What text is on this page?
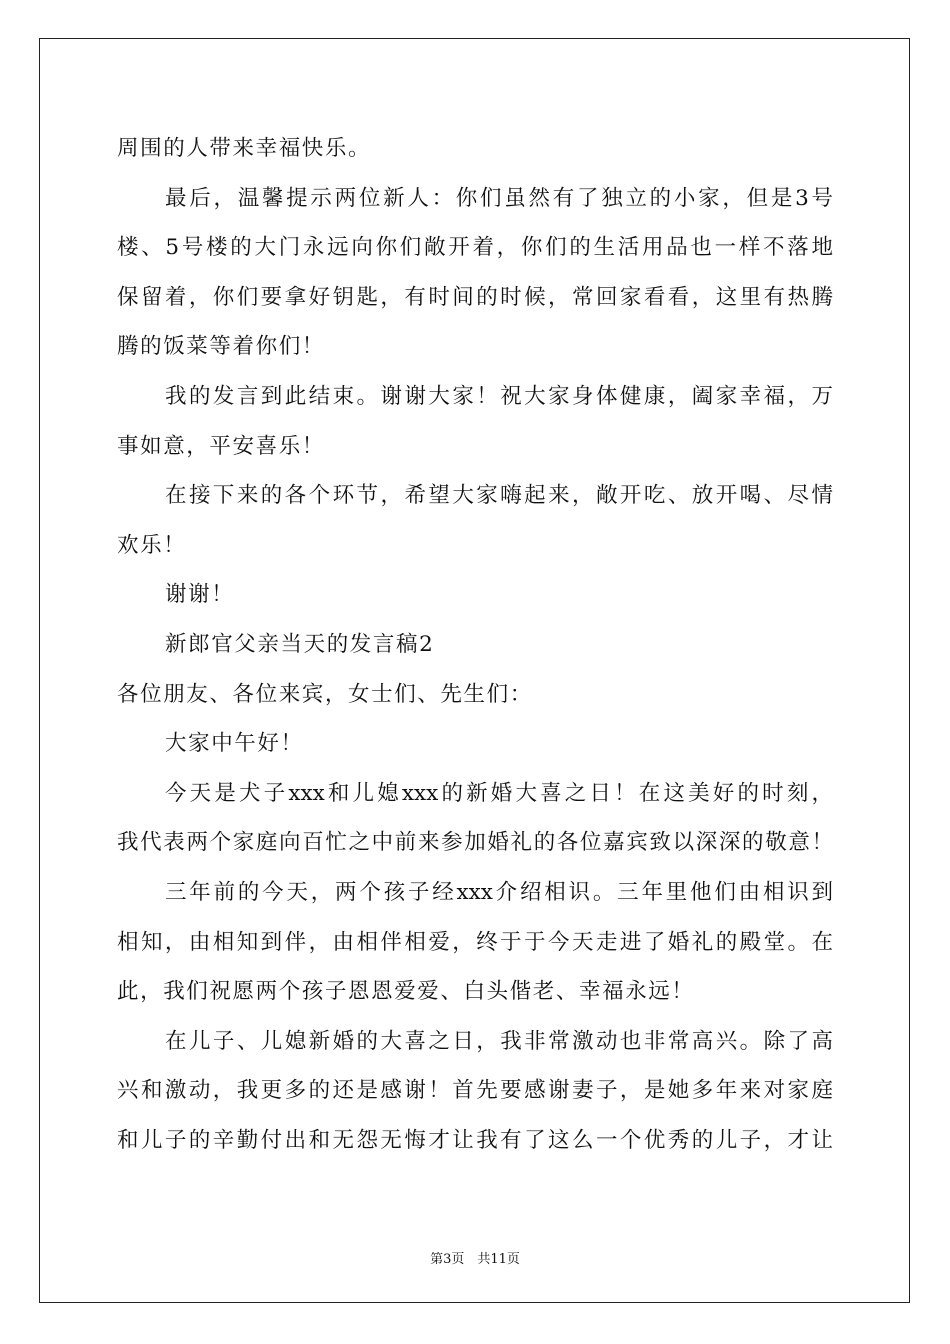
周围的人带来幸福快乐。
最后，温馨提示两位新人：你们虽然有了独立的小家，但是3号
楼、5号楼的大门永远向你们敞开着，你们的生活用品也一样不落地
保留着，你们要拿好钥匙，有时间的时候，常回家看看，这里有热腾
腾的饭菜等着你们！
我的发言到此结束。谢谢大家！祝大家身体健康，阖家幸福，万
事如意，平安喜乐！
在接下来的各个环节，希望大家嗨起来，敞开吃、放开喝、尽情
欢乐！
谢谢！
新郎官父亲当天的发言稿2
各位朋友、各位来宾，女士们、先生们：
大家中午好！
今天是犬子xxx和儿媳xxx的新婚大喜之日！在这美好的时刻，
我代表两个家庭向百忙之中前来参加婚礼的各位嘉宾致以深深的敬意！
三年前的今天，两个孩子经xxx介绍相识。三年里他们由相识到
相知，由相知到伴，由相伴相爱，终于于今天走进了婚礼的殿堂。在
此，我们祝愿两个孩子恩恩爱爱、白头偕老、幸福永远！
在儿子、儿媳新婚的大喜之日，我非常激动也非常高兴。除了高
兴和激动，我更多的还是感谢！首先要感谢妻子，是她多年来对家庭
和儿子的辛勤付出和无怨无悔才让我有了这么一个优秀的儿子，才让
第3页　共11页
